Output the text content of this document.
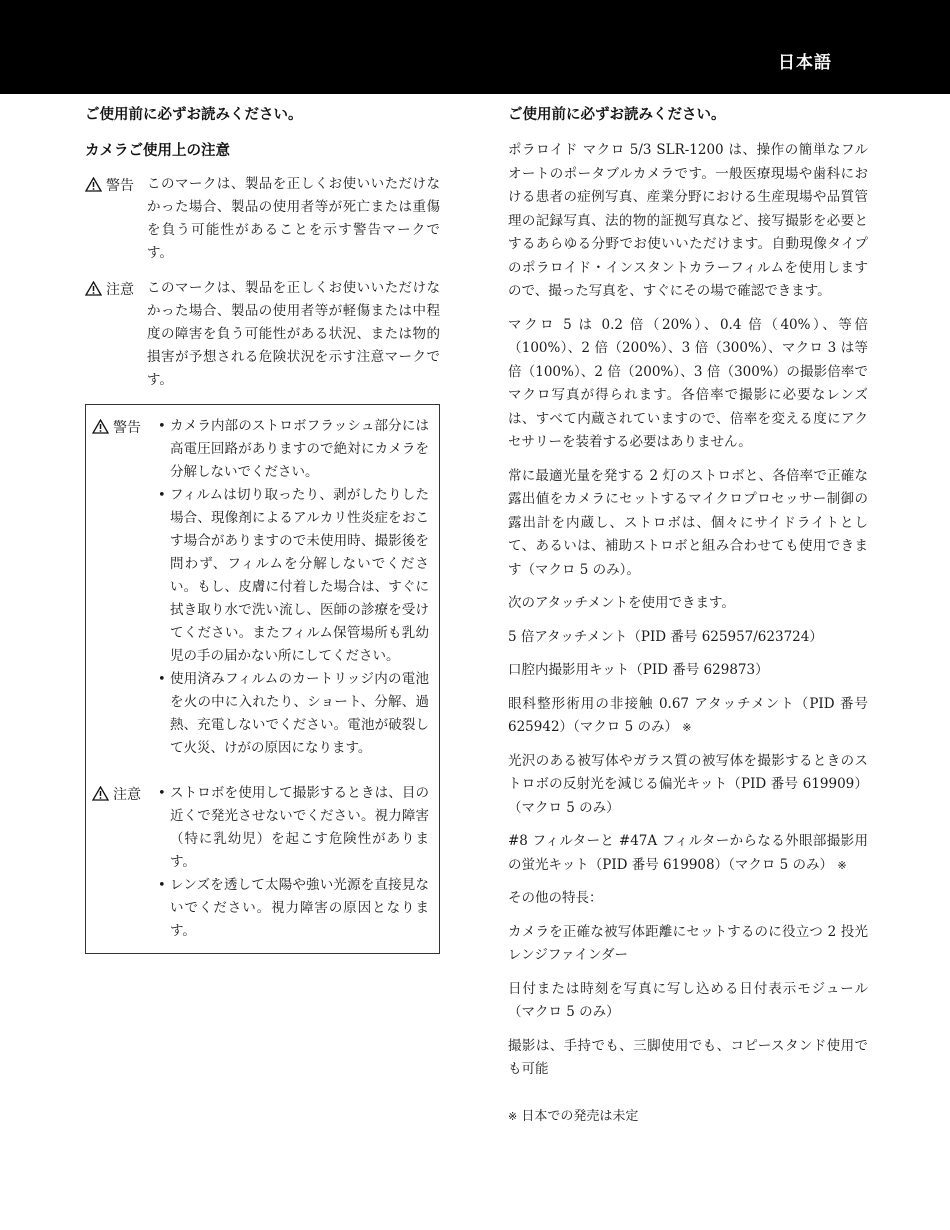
日本語
ご使用前に必ずお読みください。
カメラご使用上の注意
警告 このマークは、製品を正しくお使いいただけなかった場合、製品の使用者等が死亡または重傷を負う可能性があることを示す警告マークです。
注意 このマークは、製品を正しくお使いいただけなかった場合、製品の使用者等が軽傷または中程度の障害を負う可能性がある状況、または物的損害が予想される危険状況を示す注意マークです。
警告	• カメラ内部のストロボフラッシュ部分には高電圧回路がありますので絶対にカメラを分解しないでください。
• フィルムは切り取ったり、剥がしたりした場合、現像剤によるアルカリ性炎症をおこす場合がありますので未使用時、撮影後を問わず、フィルムを分解しないでください。もし、皮膚に付着した場合は、すぐに拭き取り水で洗い流し、医師の診療を受けてください。またフィルム保管場所も乳幼児の手の届かない所にしてください。
• 使用済みフィルムのカートリッジ内の電池を火の中に入れたり、ショート、分解、過熱、充電しないでください。電池が破裂して火災、けがの原因になります。
注意	• ストロボを使用して撮影するときは、目の近くで発光させないでください。視力障害（特に乳幼児）を起こす危険性があります。
• レンズを透して太陽や強い光源を直接見ないでください。視力障害の原因となります。
ご使用前に必ずお読みください。

ポラロイド マクロ 5/3 SLR-1200 は、操作の簡単なフルオートのポータブルカメラです。一般医療現場や歯科における患者の症例写真、産業分野における生産現場や品質管理の記録写真、法的物的証拠写真など、接写撮影を必要とするあらゆる分野でお使いいただけます。自動現像タイプのポラロイド・インスタントカラーフィルムを使用しますので、撮った写真を、すぐにその場で確認できます。

マクロ 5 は 0.2 倍（20%）、0.4 倍（40%）、等倍（100%）、2 倍（200%）、3 倍（300%）、マクロ 3 は等倍（100%）、2 倍（200%）、3 倍（300%）の撮影倍率でマクロ写真が得られます。各倍率で撮影に必要なレンズは、すべて内蔵されていますので、倍率を変える度にアクセサリーを装着する必要はありません。

常に最適光量を発する 2 灯のストロボと、各倍率で正確な露出値をカメラにセットするマイクロプロセッサー制御の露出計を内蔵し、ストロボは、個々にサイドライトとして、あるいは、補助ストロボと組み合わせても使用できます（マクロ 5 のみ）。

次のアタッチメントを使用できます。

5 倍アタッチメント（PID 番号 625957/623724）

口腔内撮影用キット（PID 番号 629873）

眼科整形術用の非接触 0.67 アタッチメント（PID 番号 625942）（マクロ 5 のみ） ※

光沢のある被写体やガラス質の被写体を撮影するときのストロボの反射光を減じる偏光キット（PID 番号 619909）（マクロ 5 のみ）

#8 フィルターと #47A フィルターからなる外眼部撮影用の蛍光キット（PID 番号 619908）（マクロ 5 のみ） ※

その他の特長：

カメラを正確な被写体距離にセットするのに役立つ 2 投光レンジファインダー

日付または時刻を写真に写し込める日付表示モジュール（マクロ 5 のみ）

撮影は、手持でも、三脚使用でも、コピースタンド使用でも可能

※ 日本での発売は未定
